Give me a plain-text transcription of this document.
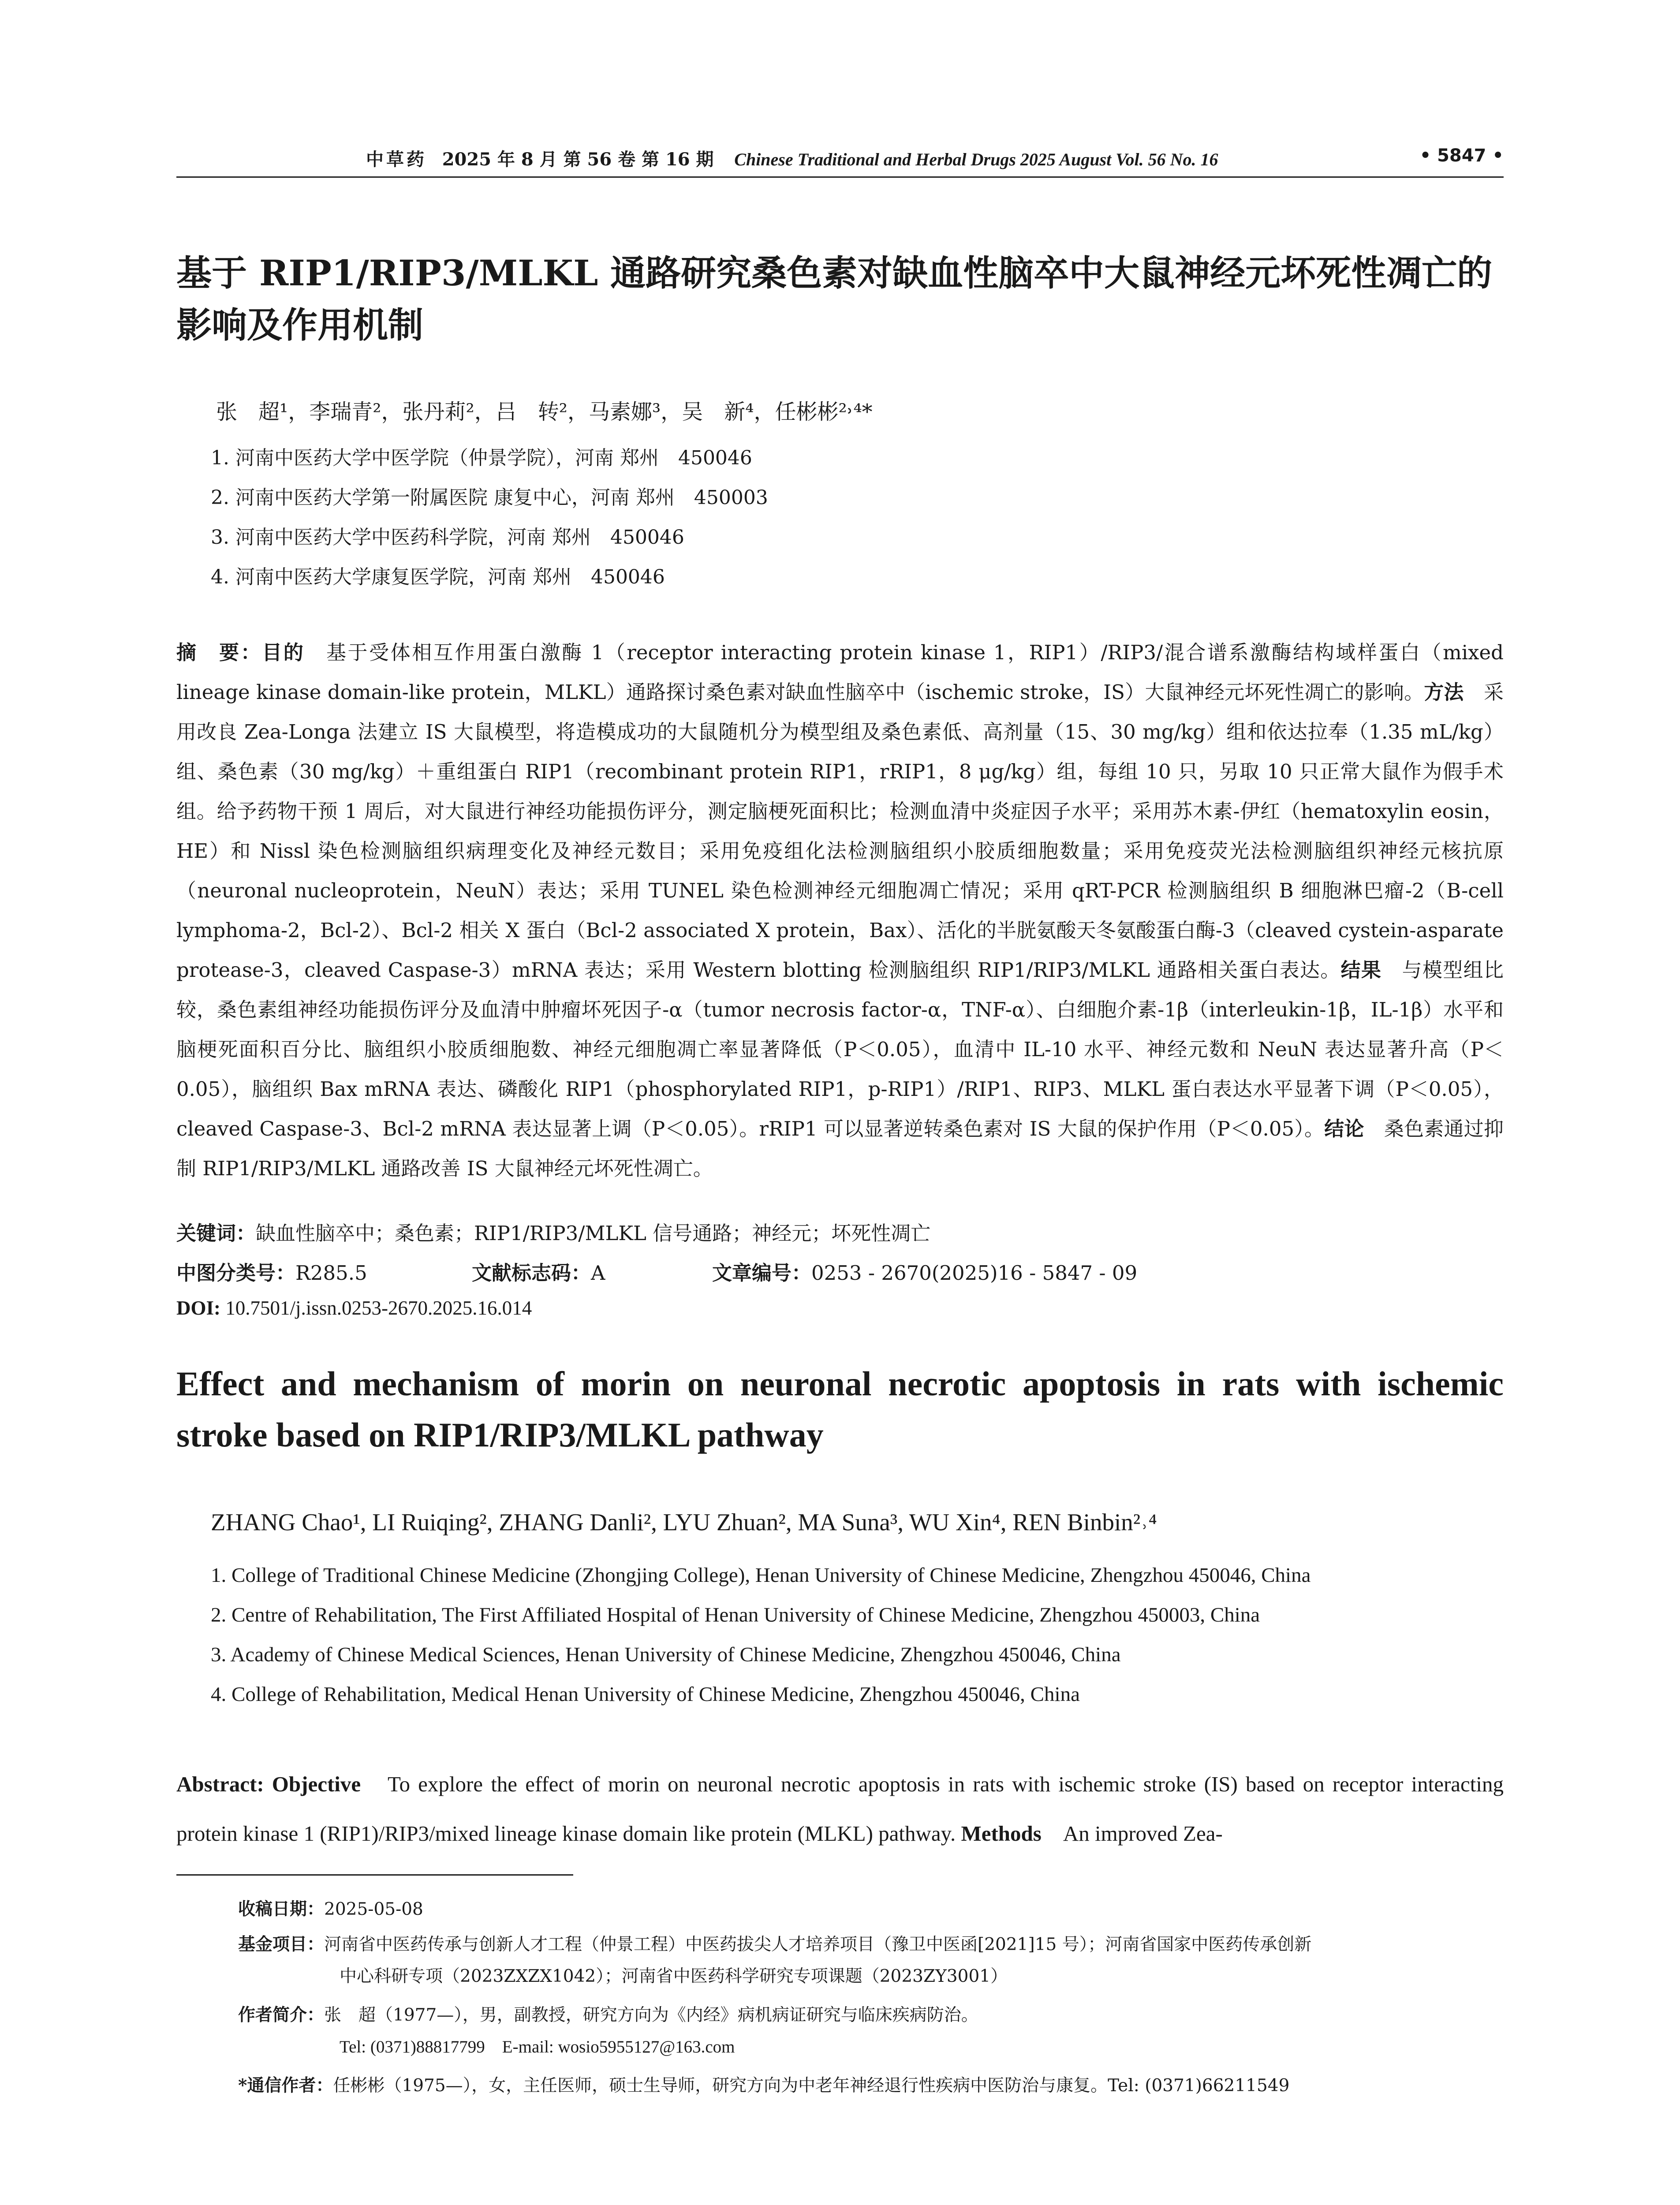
中草药 2025 年 8 月 第 56 卷 第 16 期 Chinese Traditional and Herbal Drugs 2025 August Vol. 56 No. 16	• 5847 •
基于 RIP1/RIP3/MLKL 通路研究桑色素对缺血性脑卒中大鼠神经元坏死性凋亡的影响及作用机制
张　超¹，李瑞青²，张丹莉²，吕　转²，马素娜³，吴　新⁴，任彬彬²˒⁴*
1. 河南中医药大学中医学院（仲景学院），河南 郑州　450046
2. 河南中医药大学第一附属医院 康复中心，河南 郑州　450003
3. 河南中医药大学中医药科学院，河南 郑州　450046
4. 河南中医药大学康复医学院，河南 郑州　450046
摘　要：目的　基于受体相互作用蛋白激酶 1（receptor interacting protein kinase 1，RIP1）/RIP3/混合谱系激酶结构域样蛋白（mixed lineage kinase domain-like protein，MLKL）通路探讨桑色素对缺血性脑卒中（ischemic stroke，IS）大鼠神经元坏死性凋亡的影响。方法　采用改良 Zea-Longa 法建立 IS 大鼠模型，将造模成功的大鼠随机分为模型组及桑色素低、高剂量（15、30 mg/kg）组和依达拉奉（1.35 mL/kg）组、桑色素（30 mg/kg）＋重组蛋白 RIP1（recombinant protein RIP1，rRIP1，8 μg/kg）组，每组 10 只，另取 10 只正常大鼠作为假手术组。给予药物干预 1 周后，对大鼠进行神经功能损伤评分，测定脑梗死面积比；检测血清中炎症因子水平；采用苏木素-伊红（hematoxylin eosin，HE）和 Nissl 染色检测脑组织病理变化及神经元数目；采用免疫组化法检测脑组织小胶质细胞数量；采用免疫荧光法检测脑组织神经元核抗原（neuronal nucleoprotein，NeuN）表达；采用 TUNEL 染色检测神经元细胞凋亡情况；采用 qRT-PCR 检测脑组织 B 细胞淋巴瘤-2（B-cell lymphoma-2，Bcl-2）、Bcl-2 相关 X 蛋白（Bcl-2 associated X protein，Bax）、活化的半胱氨酸天冬氨酸蛋白酶-3（cleaved cystein-asparate protease-3，cleaved Caspase-3）mRNA 表达；采用 Western blotting 检测脑组织 RIP1/RIP3/MLKL 通路相关蛋白表达。结果　与模型组比较，桑色素组神经功能损伤评分及血清中肿瘤坏死因子-α（tumor necrosis factor-α，TNF-α）、白细胞介素-1β（interleukin-1β，IL-1β）水平和脑梗死面积百分比、脑组织小胶质细胞数、神经元细胞凋亡率显著降低（P＜0.05），血清中 IL-10 水平、神经元数和 NeuN 表达显著升高（P＜0.05），脑组织 Bax mRNA 表达、磷酸化 RIP1（phosphorylated RIP1，p-RIP1）/RIP1、RIP3、MLKL 蛋白表达水平显著下调（P＜0.05），cleaved Caspase-3、Bcl-2 mRNA 表达显著上调（P＜0.05）。rRIP1 可以显著逆转桑色素对 IS 大鼠的保护作用（P＜0.05）。结论　桑色素通过抑制 RIP1/RIP3/MLKL 通路改善 IS 大鼠神经元坏死性凋亡。
关键词：缺血性脑卒中；桑色素；RIP1/RIP3/MLKL 信号通路；神经元；坏死性凋亡
中图分类号：R285.5	文献标志码：A	文章编号：0253 - 2670(2025)16 - 5847 - 09
DOI: 10.7501/j.issn.0253-2670.2025.16.014
Effect and mechanism of morin on neuronal necrotic apoptosis in rats with ischemic stroke based on RIP1/RIP3/MLKL pathway
ZHANG Chao¹, LI Ruiqing², ZHANG Danli², LYU Zhuan², MA Suna³, WU Xin⁴, REN Binbin²˒⁴
1. College of Traditional Chinese Medicine (Zhongjing College), Henan University of Chinese Medicine, Zhengzhou 450046, China
2. Centre of Rehabilitation, The First Affiliated Hospital of Henan University of Chinese Medicine, Zhengzhou 450003, China
3. Academy of Chinese Medical Sciences, Henan University of Chinese Medicine, Zhengzhou 450046, China
4. College of Rehabilitation, Medical Henan University of Chinese Medicine, Zhengzhou 450046, China
Abstract: Objective　To explore the effect of morin on neuronal necrotic apoptosis in rats with ischemic stroke (IS) based on receptor interacting protein kinase 1 (RIP1)/RIP3/mixed lineage kinase domain like protein (MLKL) pathway. Methods　An improved Zea-
收稿日期：2025-05-08
基金项目：河南省中医药传承与创新人才工程（仲景工程）中医药拔尖人才培养项目（豫卫中医函[2021]15 号）；河南省国家中医药传承创新
中心科研专项（2023ZXZX1042）；河南省中医药科学研究专项课题（2023ZY3001）
作者简介：张　超（1977—），男，副教授，研究方向为《内经》病机病证研究与临床疾病防治。
Tel: (0371)88817799　E-mail: wosio5955127@163.com
*通信作者：任彬彬（1975—），女，主任医师，硕士生导师，研究方向为中老年神经退行性疾病中医防治与康复。Tel: (0371)66211549
